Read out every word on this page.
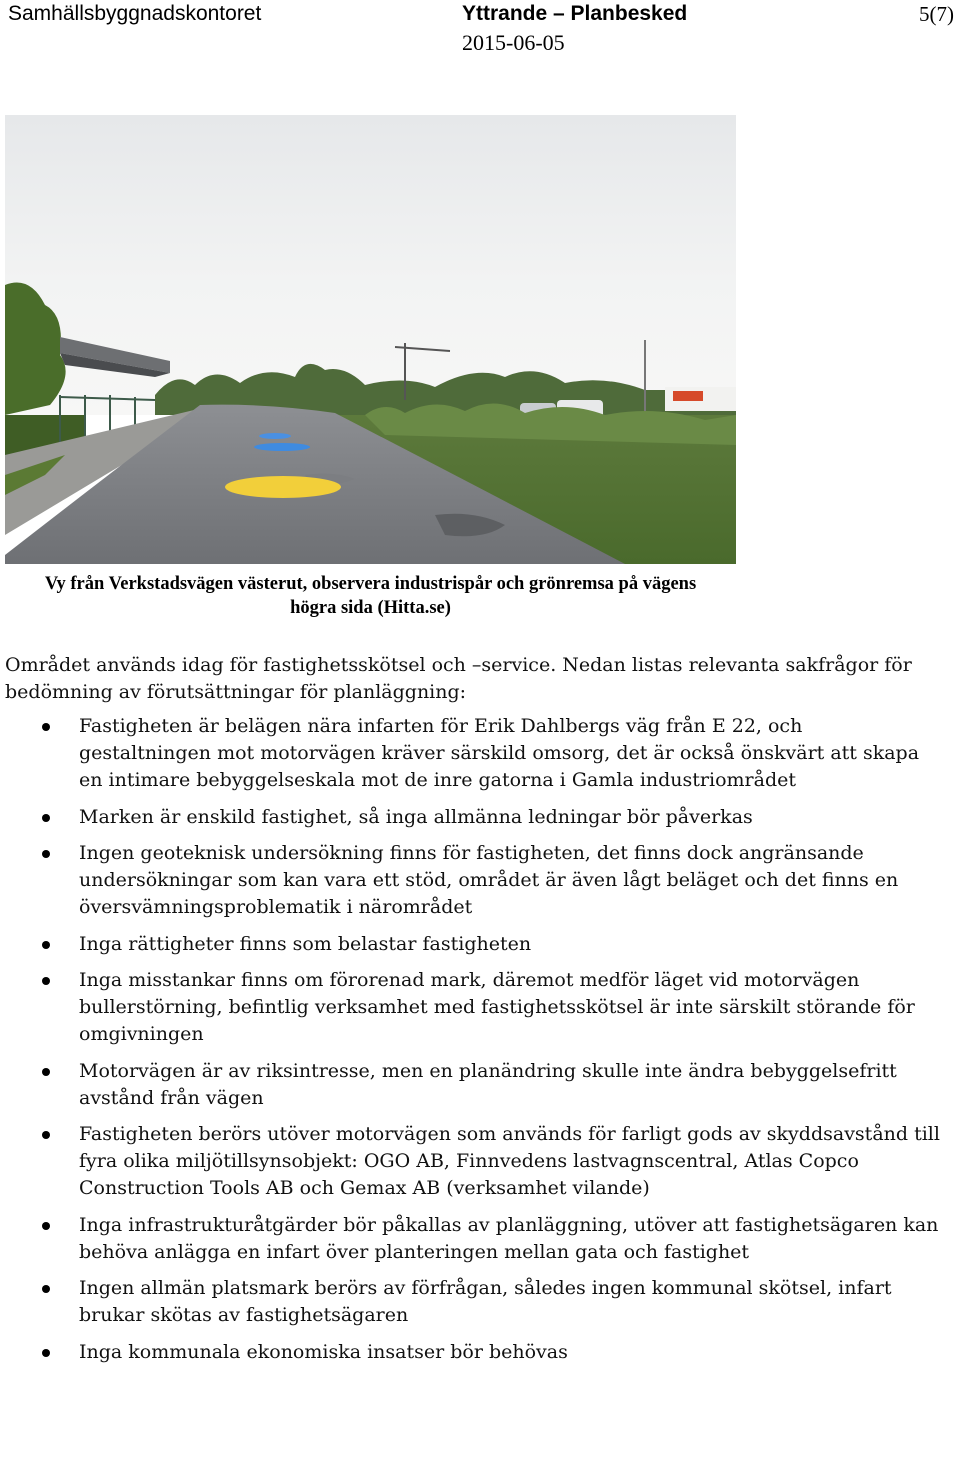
Samhällsbyggnadskontoret	Yttrande – Planbesked
2015-06-05
5(7)
Vy från Verkstadsvägen västerut, observera industrispår och grönremsa på vägens
högra sida (Hitta.se)

Området används idag för fastighetsskötsel och –service. Nedan listas relevanta sakfrågor för bedömning av förutsättningar för planläggning:

Fastigheten är belägen nära infarten för Erik Dahlbergs väg från E 22, och gestaltningen mot motorvägen kräver särskild omsorg, det är också önskvärt att skapa en intimare bebyggelseskala mot de inre gatorna i Gamla industriområdet
Marken är enskild fastighet, så inga allmänna ledningar bör påverkas
Ingen geoteknisk undersökning finns för fastigheten, det finns dock angränsande undersökningar som kan vara ett stöd, området är även lågt beläget och det finns en översvämningsproblematik i närområdet
Inga rättigheter finns som belastar fastigheten
Inga misstankar finns om förorenad mark, däremot medför läget vid motorvägen bullerstörning, befintlig verksamhet med fastighetsskötsel är inte särskilt störande för omgivningen
Motorvägen är av riksintresse, men en planändring skulle inte ändra bebyggelsefritt avstånd från vägen
Fastigheten berörs utöver motorvägen som används för farligt gods av skyddsavstånd till fyra olika miljötillsynsobjekt: OGO AB, Finnvedens lastvagnscentral, Atlas Copco Construction Tools AB och Gemax AB (verksamhet vilande)
Inga infrastrukturåtgärder bör påkallas av planläggning, utöver att fastighetsägaren kan behöva anlägga en infart över planteringen mellan gata och fastighet
Ingen allmän platsmark berörs av förfrågan, således ingen kommunal skötsel, infart brukar skötas av fastighetsägaren
Inga kommunala ekonomiska insatser bör behövas
